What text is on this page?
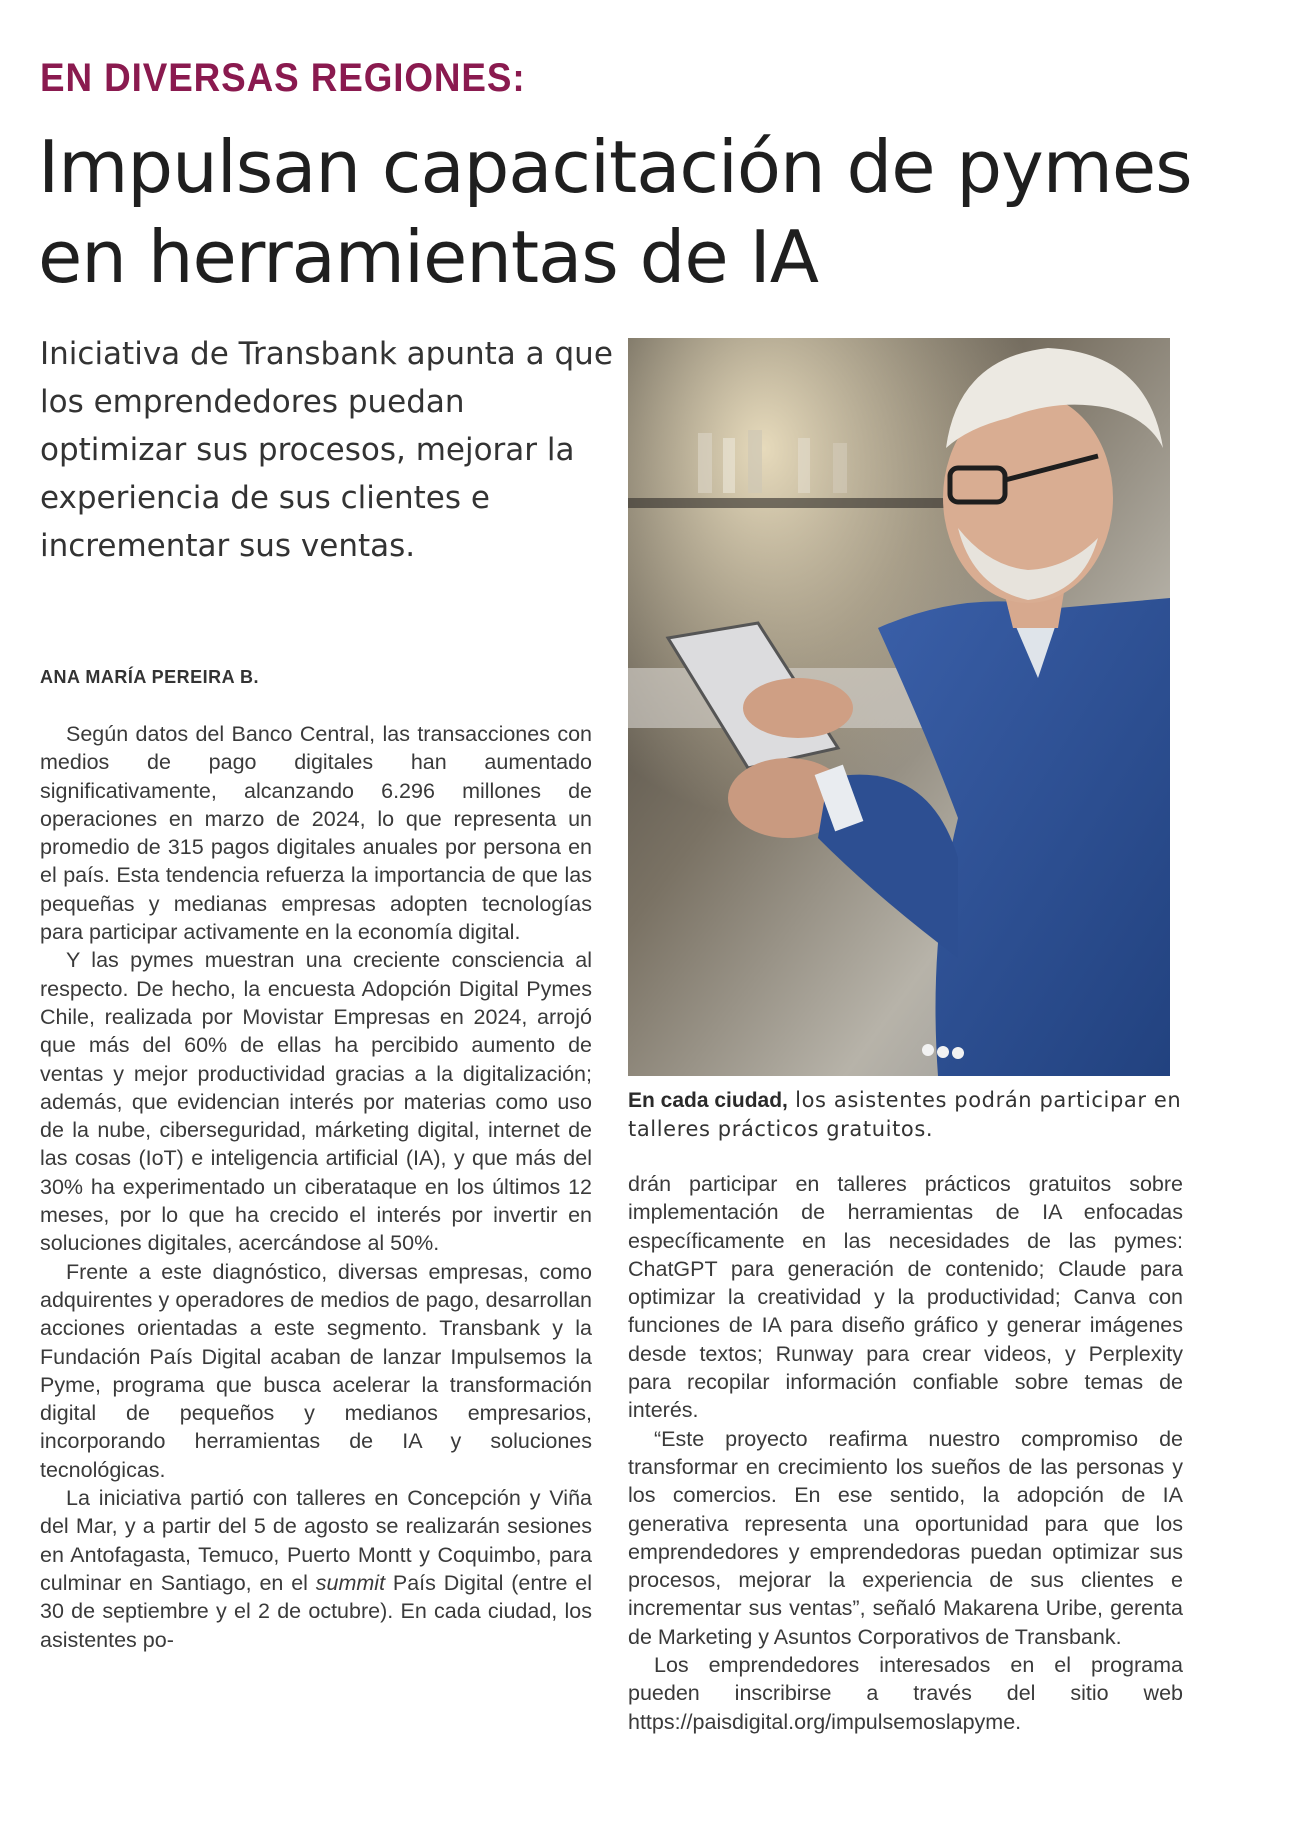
EN DIVERSAS REGIONES:
Impulsan capacitación de pymes en herramientas de IA
Iniciativa de Transbank apunta a que los emprendedores puedan optimizar sus procesos, mejorar la experiencia de sus clientes e incrementar sus ventas.
ANA MARÍA PEREIRA B.

Según datos del Banco Central, las transacciones con medios de pago digitales han aumentado significativamente, alcanzando 6.296 millones de operaciones en marzo de 2024, lo que representa un promedio de 315 pagos digitales anuales por persona en el país. Esta tendencia refuerza la importancia de que las pequeñas y medianas empresas adopten tecnologías para participar activamente en la economía digital.

Y las pymes muestran una creciente consciencia al respecto. De hecho, la encuesta Adopción Digital Pymes Chile, realizada por Movistar Empresas en 2024, arrojó que más del 60% de ellas ha percibido aumento de ventas y mejor productividad gracias a la digitalización; además, que evidencian interés por materias como uso de la nube, ciberseguridad, márketing digital, internet de las cosas (IoT) e inteligencia artificial (IA), y que más del 30% ha experimentado un ciberataque en los últimos 12 meses, por lo que ha crecido el interés por invertir en soluciones digitales, acercándose al 50%.

Frente a este diagnóstico, diversas empresas, como adquirentes y operadores de medios de pago, desarrollan acciones orientadas a este segmento. Transbank y la Fundación País Digital acaban de lanzar Impulsemos la Pyme, programa que busca acelerar la transformación digital de pequeños y medianos empresarios, incorporando herramientas de IA y soluciones tecnológicas.

La iniciativa partió con talleres en Concepción y Viña del Mar, y a partir del 5 de agosto se realizarán sesiones en Antofagasta, Temuco, Puerto Montt y Coquimbo, para culminar en Santiago, en el summit País Digital (entre el 30 de septiembre y el 2 de octubre). En cada ciudad, los asistentes po-

En cada ciudad, los asistentes podrán participar en talleres prácticos gratuitos.

drán participar en talleres prácticos gratuitos sobre implementación de herramientas de IA enfocadas específicamente en las necesidades de las pymes: ChatGPT para generación de contenido; Claude para optimizar la creatividad y la productividad; Canva con funciones de IA para diseño gráfico y generar imágenes desde textos; Runway para crear videos, y Perplexity para recopilar información confiable sobre temas de interés.

“Este proyecto reafirma nuestro compromiso de transformar en crecimiento los sueños de las personas y los comercios. En ese sentido, la adopción de IA generativa representa una oportunidad para que los emprendedores y emprendedoras puedan optimizar sus procesos, mejorar la experiencia de sus clientes e incrementar sus ventas”, señaló Makarena Uribe, gerenta de Marketing y Asuntos Corporativos de Transbank.

Los emprendedores interesados en el programa pueden inscribirse a través del sitio web https://paisdigital.org/impulsemoslapyme.
